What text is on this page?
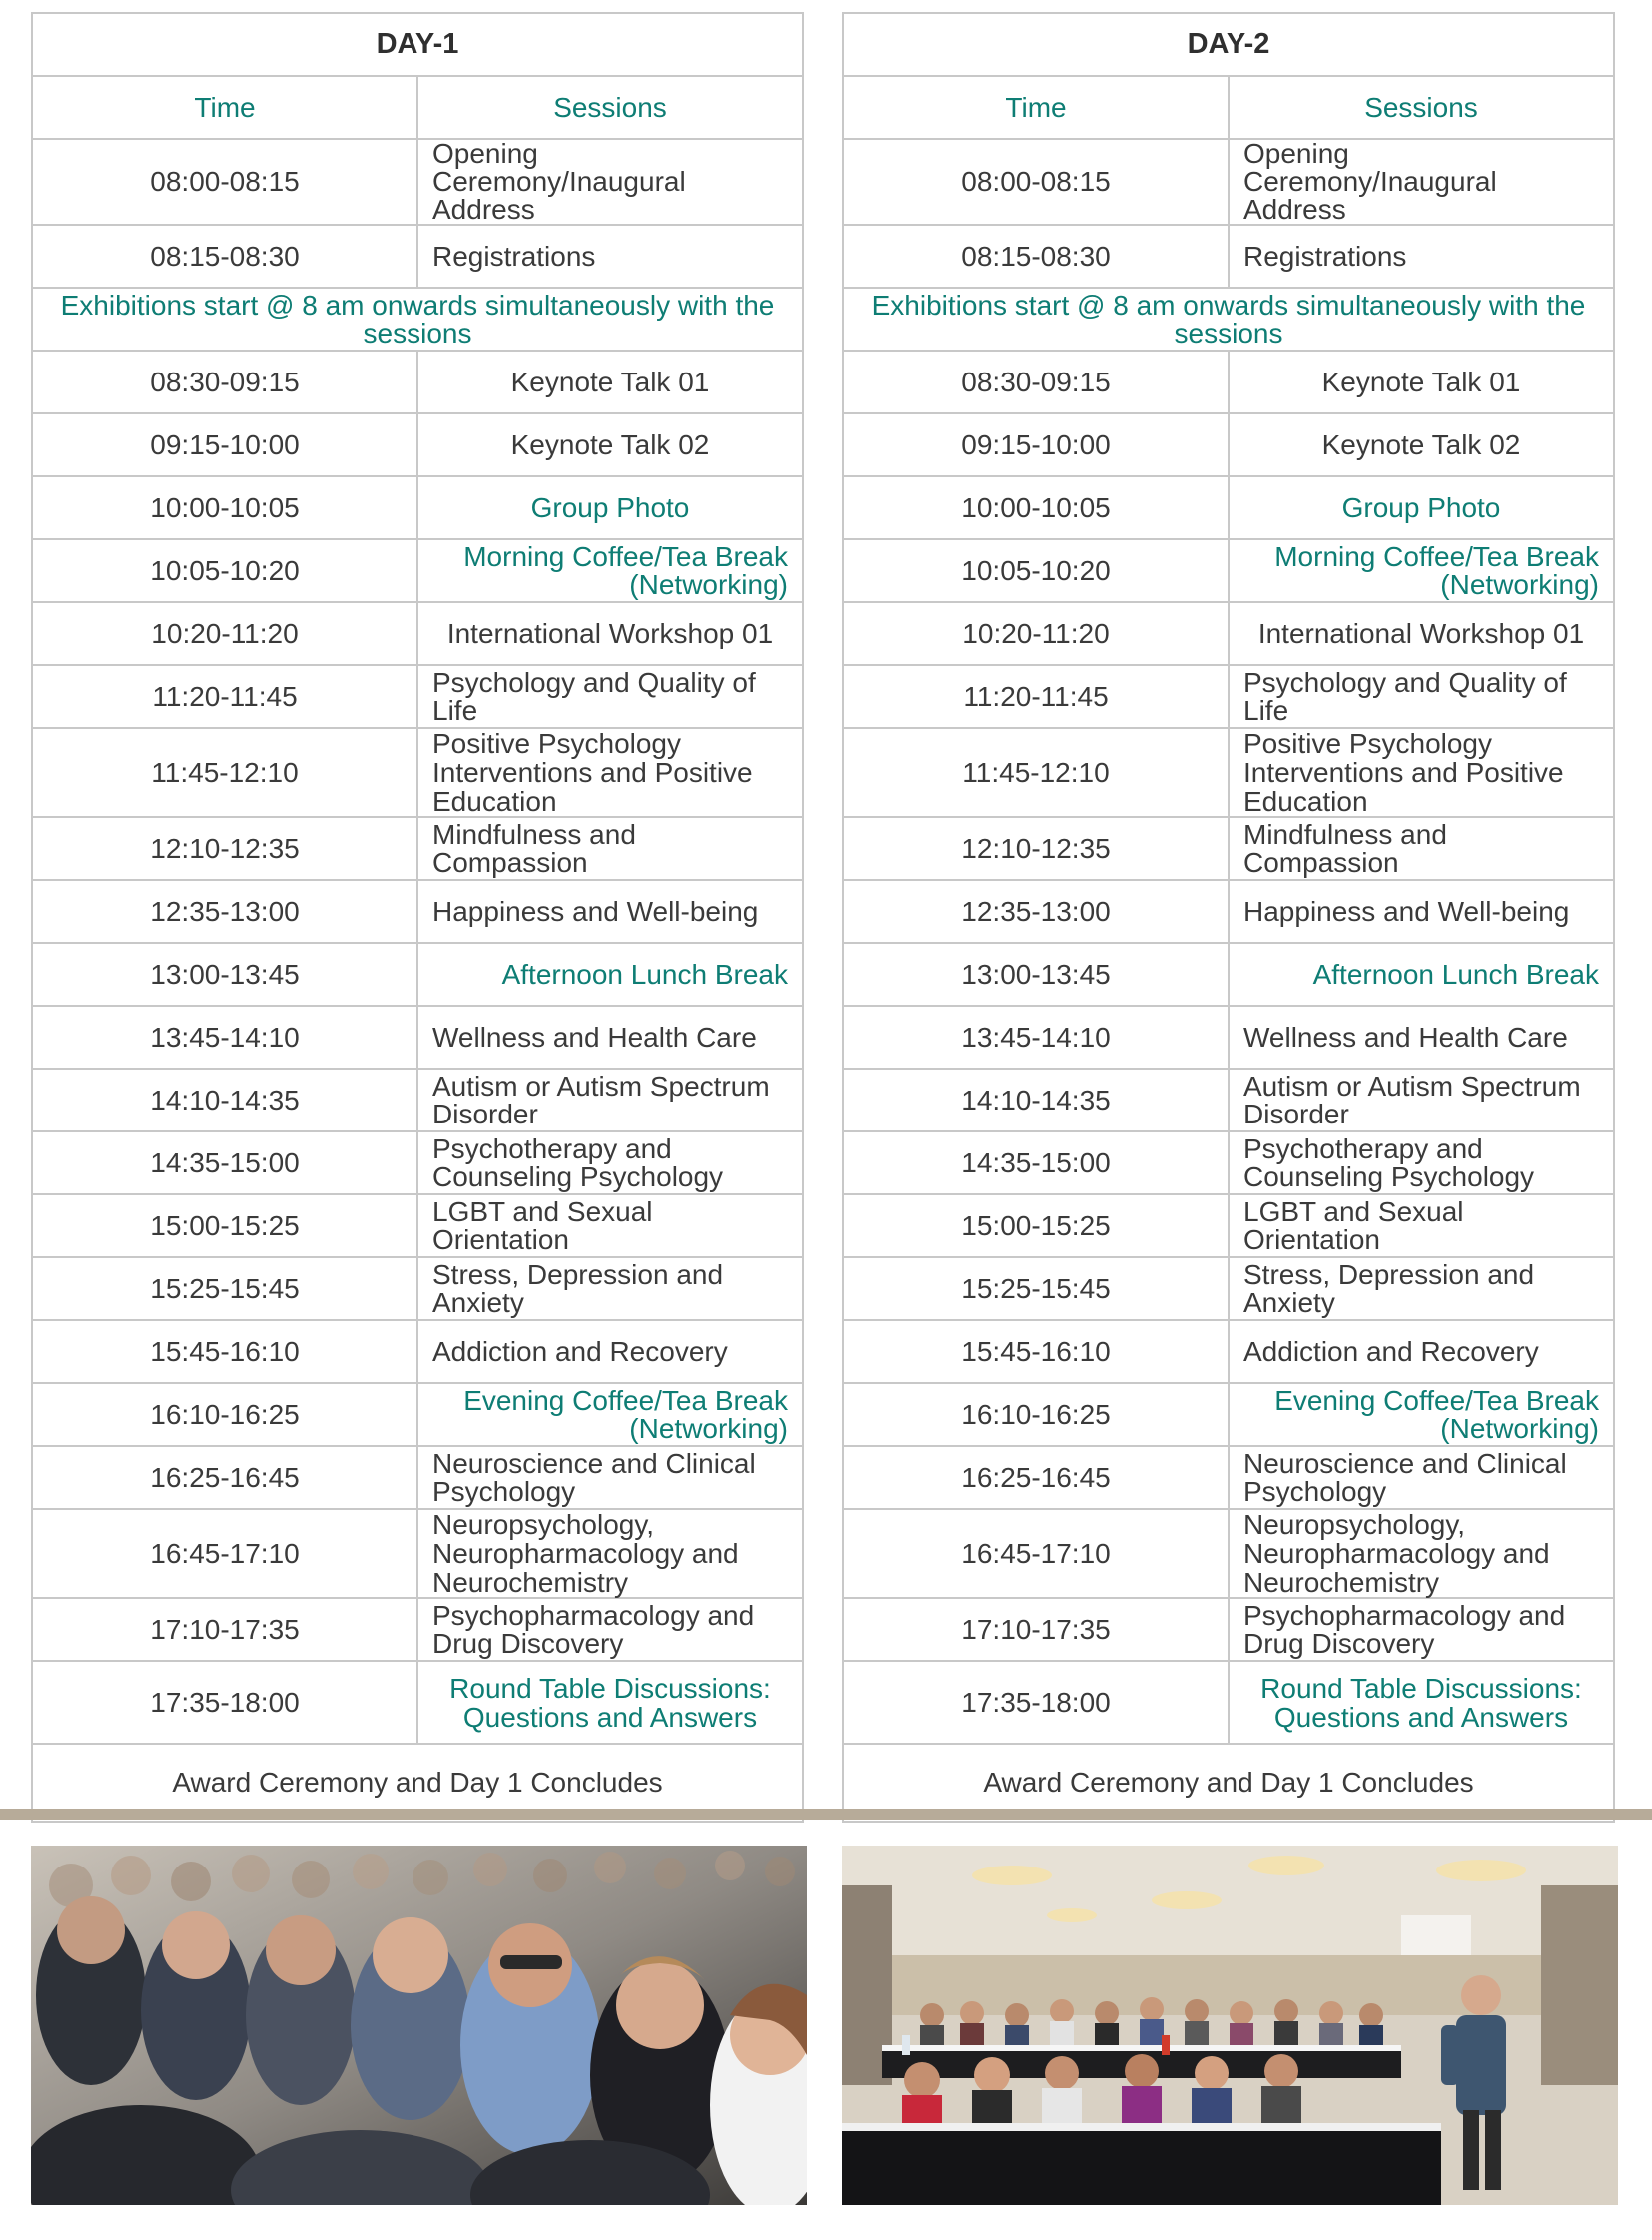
DAY-1	
Time	Sessions
08:00-08:15	Opening Ceremony/Inaugural Address
08:15-08:30	Registrations
Exhibitions start @ 8 am onwards simultaneously with the sessions	
08:30-09:15	Keynote Talk 01
09:15-10:00	Keynote Talk 02
10:00-10:05	Group Photo
10:05-10:20	Morning Coffee/Tea Break (Networking)
10:20-11:20	International Workshop 01
11:20-11:45	Psychology and Quality of Life
11:45-12:10	Positive Psychology Interventions and Positive Education
12:10-12:35	Mindfulness and Compassion
12:35-13:00	Happiness and Well-being
13:00-13:45	Afternoon Lunch Break
13:45-14:10	Wellness and Health Care
14:10-14:35	Autism or Autism Spectrum Disorder
14:35-15:00	Psychotherapy and Counseling Psychology
15:00-15:25	LGBT and Sexual Orientation
15:25-15:45	Stress, Depression and Anxiety
15:45-16:10	Addiction and Recovery
16:10-16:25	Evening Coffee/Tea Break (Networking)
16:25-16:45	Neuroscience and Clinical Psychology
16:45-17:10	Neuropsychology, Neuropharmacology and Neurochemistry
17:10-17:35	Psychopharmacology and Drug Discovery
17:35-18:00	Round Table Discussions: Questions and Answers
Award Ceremony and Day 1 Concludes	
DAY-2	
Time	Sessions
08:00-08:15	Opening Ceremony/Inaugural Address
08:15-08:30	Registrations
Exhibitions start @ 8 am onwards simultaneously with the sessions	
08:30-09:15	Keynote Talk 01
09:15-10:00	Keynote Talk 02
10:00-10:05	Group Photo
10:05-10:20	Morning Coffee/Tea Break (Networking)
10:20-11:20	International Workshop 01
11:20-11:45	Psychology and Quality of Life
11:45-12:10	Positive Psychology Interventions and Positive Education
12:10-12:35	Mindfulness and Compassion
12:35-13:00	Happiness and Well-being
13:00-13:45	Afternoon Lunch Break
13:45-14:10	Wellness and Health Care
14:10-14:35	Autism or Autism Spectrum Disorder
14:35-15:00	Psychotherapy and Counseling Psychology
15:00-15:25	LGBT and Sexual Orientation
15:25-15:45	Stress, Depression and Anxiety
15:45-16:10	Addiction and Recovery
16:10-16:25	Evening Coffee/Tea Break (Networking)
16:25-16:45	Neuroscience and Clinical Psychology
16:45-17:10	Neuropsychology, Neuropharmacology and Neurochemistry
17:10-17:35	Psychopharmacology and Drug Discovery
17:35-18:00	Round Table Discussions: Questions and Answers
Award Ceremony and Day 1 Concludes	
